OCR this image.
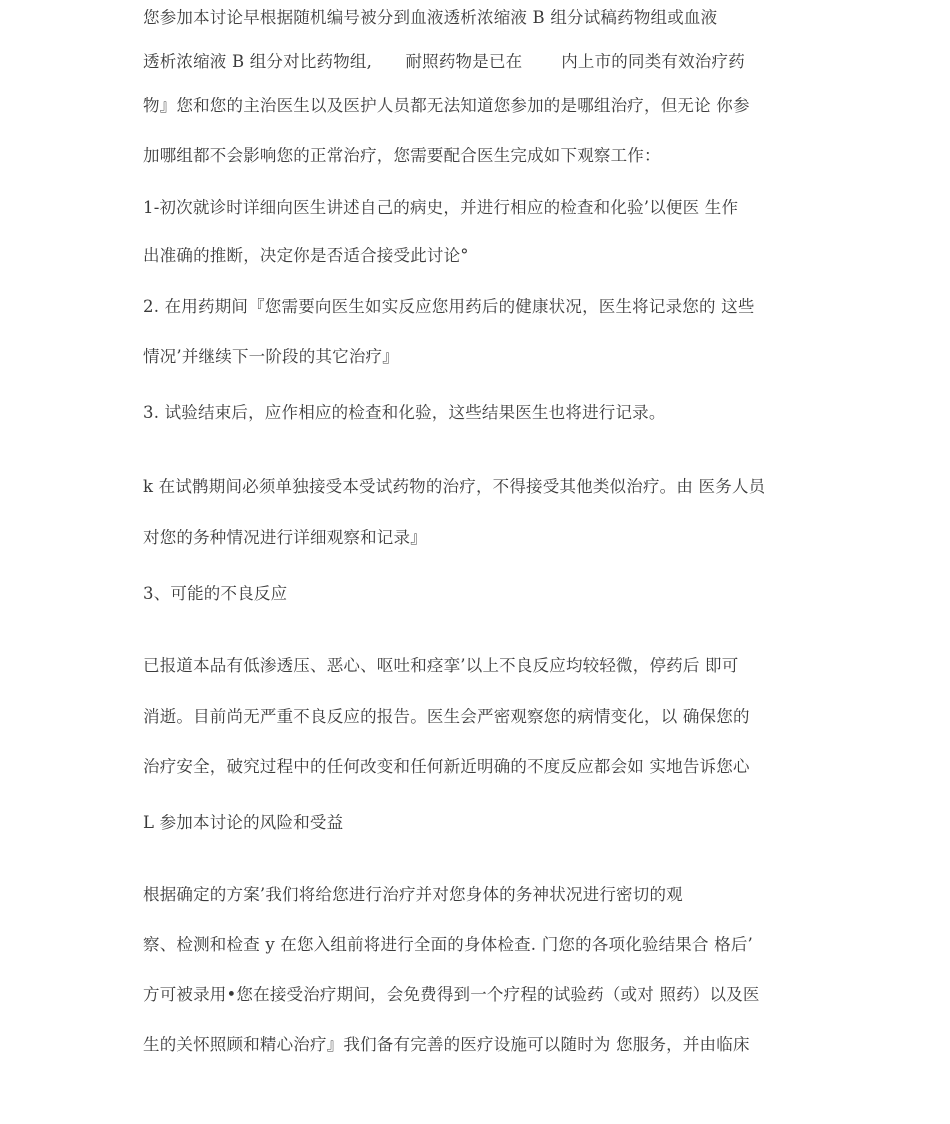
您参加本讨论早根据随机编号被分到血液透析浓缩液 B 组分试稿药物组或血液
透析浓缩液 B 组分对比药物组,　　耐照药物是已在　　 内上市的同类有效治疗药
物』您和您的主治医生以及医护人员都无法知道您参加的是哪组治疗，但无论 你参
加哪组都不会影响您的正常治疗，您需要配合医生完成如下观察工作：
1-初次就诊时详细向医生讲述自己的病史，并进行相应的检查和化验’以便医 生作
出准确的推断，决定你是否适合接受此讨论°
2. 在用药期间『您需要向医生如实反应您用药后的健康状况，医生将记录您的 这些
情况’并继续下一阶段的其它治疗』
3. 试验结束后，应作相应的检查和化验，这些结果医生也将进行记录。
k 在试鹘期间必须单独接受本受试药物的治疗，不得接受其他类似治疗。由 医务人员
对您的务种情况进行详细观察和记录』
3、可能的不良反应
已报道本品有低渗透压、恶心、呕吐和痉挛’以上不良反应均较轻微，停药后 即可
消逝。目前尚无严重不良反应的报告。医生会严密观察您的病情变化，以 确保您的
治疗安全，破究过程中的任何改变和任何新近明确的不度反应都会如 实地告诉您心
L 参加本讨论的风险和受益
根据确定的方案’我们将给您进行治疗并对您身体的务神状况进行密切的观
察、检测和检查 y 在您入组前将进行全面的身体检查. 门您的各项化验结果合 格后’
方可被录用•您在接受治疗期间，会免费得到一个疗程的试验药（或对 照药）以及医
生的关怀照顾和精心治疗』我们备有完善的医疗设施可以随时为 您服务，并由临床
